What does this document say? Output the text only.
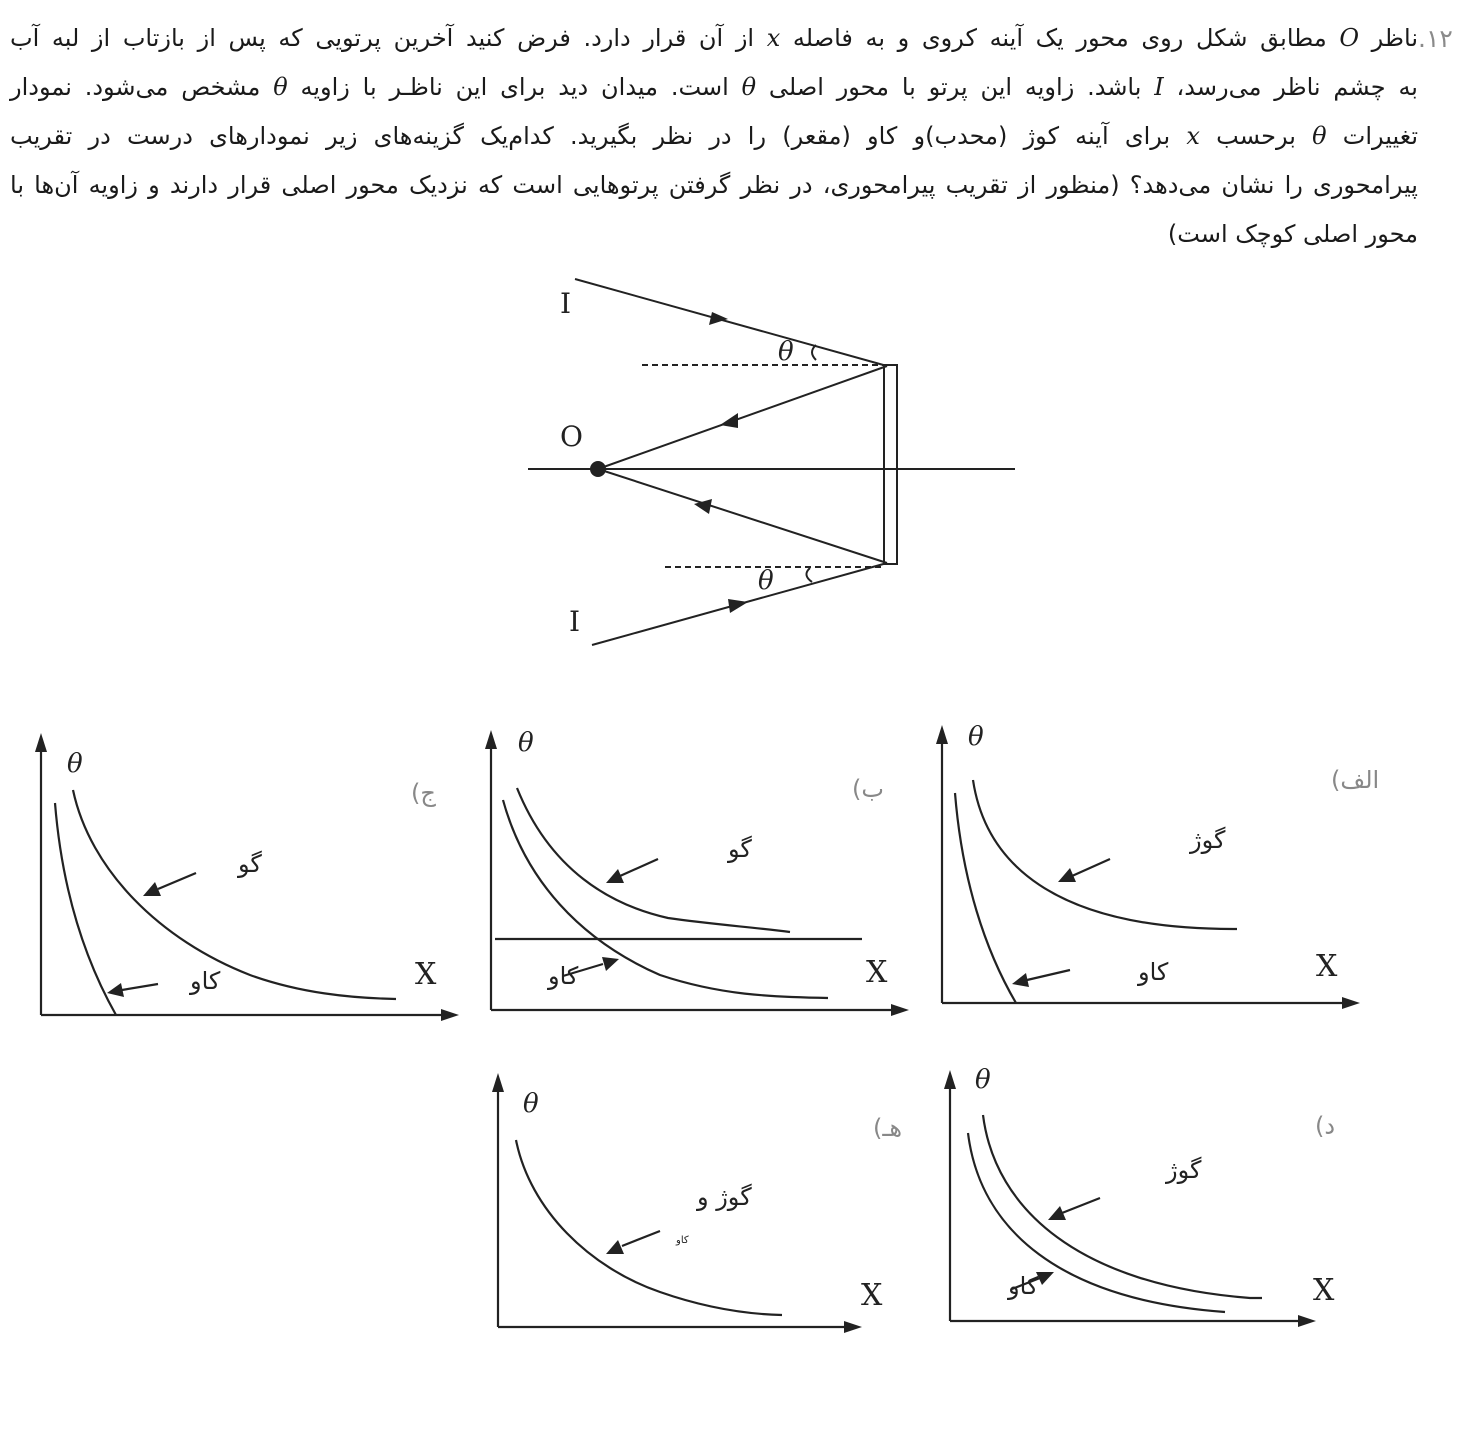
۱۲.
ناظر O مطابق شکل روی محور یک آینه کروی و به فاصله x از آن قرار دارد. فرض کنید آخرین پرتویی که پس از بازتاب از لبه آب
به چشم ناظر می‌رسد، I باشد. زاویه این پرتو با محور اصلی θ است. میدان دید برای این ناظـر با زاویه θ مشخص می‌شود. نمودار
تغییرات θ برحسب x برای آینه کوژ (محدب)و کاو (مقعر) را در نظر بگیرید. کدام‌یک گزینه‌های زیر نمودارهای درست در تقریب
پیرامحوری را نشان می‌دهد؟ (منظور از تقریب پیرامحوری، در نظر گرفتن پرتوهایی است که نزدیک محور اصلی قرار دارند و زاویه آن‌ها با
محور اصلی کوچک است)
I
I
O
θ
θ
θ
X
الف)
گوژ
کاو
θ
X
ب)
گو
کاو
θ
X
ج)
گو
کاو
θ
X
د)
گوژ
کاو
θ
X
هـ)
گوژ و
کاو
